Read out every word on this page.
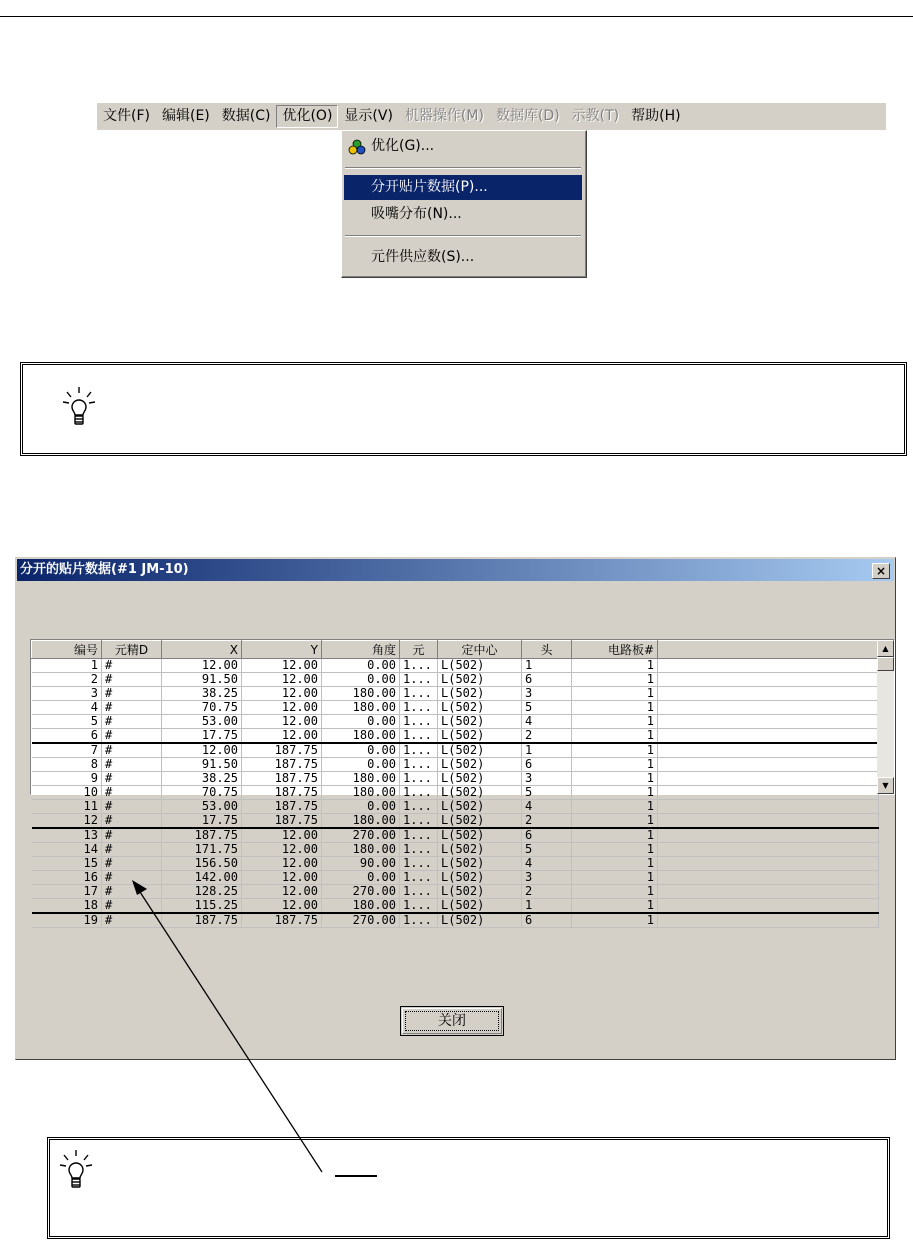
文件(F) 编辑(E) 数据(C) 优化(O) 显示(V) 机器操作(M) 数据库(D) 示教(T) 帮助(H)
优化(G)...
分开贴片数据(P)...
吸嘴分布(N)...
元件供应数(S)...
分开的贴片数据(#1 JM-10)	×
编号	元精D	X	Y	角度	元	定中心	头	电路板#	
1	#	12.00	12.00	0.00	1...	L(502)	1	1	
2	#	91.50	12.00	0.00	1...	L(502)	6	1	
3	#	38.25	12.00	180.00	1...	L(502)	3	1	
4	#	70.75	12.00	180.00	1...	L(502)	5	1	
5	#	53.00	12.00	0.00	1...	L(502)	4	1	
6	#	17.75	12.00	180.00	1...	L(502)	2	1	
7	#	12.00	187.75	0.00	1...	L(502)	1	1	
8	#	91.50	187.75	0.00	1...	L(502)	6	1	
9	#	38.25	187.75	180.00	1...	L(502)	3	1	
10	#	70.75	187.75	180.00	1...	L(502)	5	1	
11	#	53.00	187.75	0.00	1...	L(502)	4	1	
12	#	17.75	187.75	180.00	1...	L(502)	2	1	
13	#	187.75	12.00	270.00	1...	L(502)	6	1	
14	#	171.75	12.00	180.00	1...	L(502)	5	1	
15	#	156.50	12.00	90.00	1...	L(502)	4	1	
16	#	142.00	12.00	0.00	1...	L(502)	3	1	
17	#	128.25	12.00	270.00	1...	L(502)	2	1	
18	#	115.25	12.00	180.00	1...	L(502)	1	1	
19	#	187.75	187.75	270.00	1...	L(502)	6	1	
▲
▼
关闭
